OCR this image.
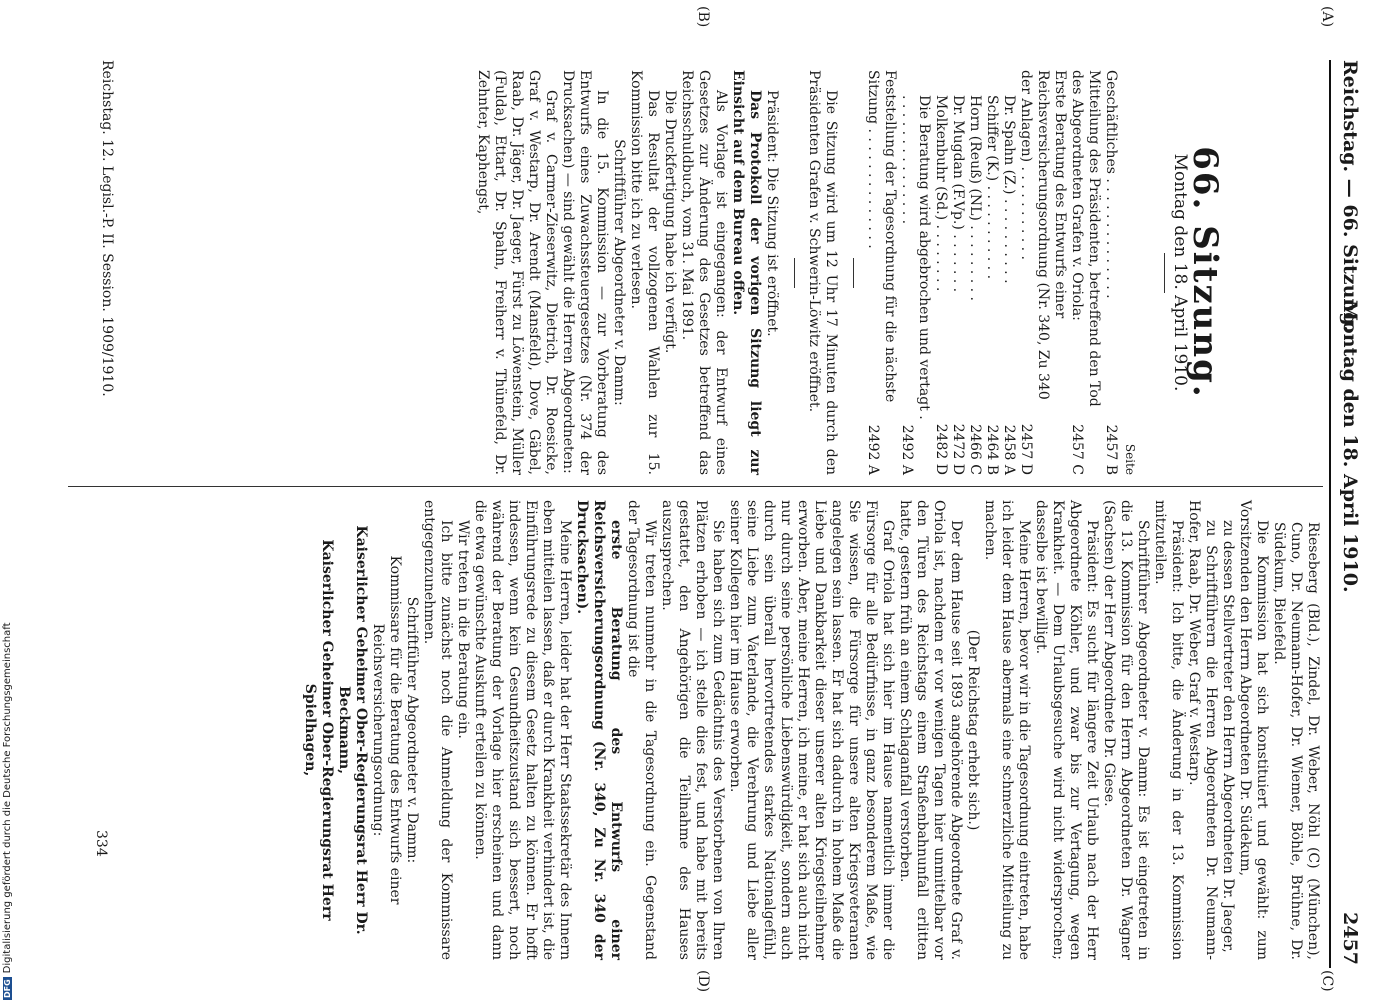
Reichstag. — 66. Sitzung.
Montag den 18. April 1910.
2457
(A)
(B)
(C)
(D)
66. Sitzung.
Montag den 18. April 1910.
Seite
Geschäftliches . . . . . . . . . . . . . .
2457 B
Mitteilung des Präsidenten, betreffend den Tod des Abgeordneten Grafen v. Oriola:
2457 C
Erste Beratung des Entwurfs einer Reichsversicherungsordnung (Nr. 340, Zu 340 der Anlagen) . . . . . . . . . . .
2457 D
Dr. Spahn (Z.) . . . . . . . . . .
2458 A
Schiffer (K.) . . . . . . . . . . .
2464 B
Horn (Reuß) (NL) . . . . . . . . .
2466 C
Dr. Mugdan (F.Vp.) . . . . . . .
2472 D
Molkenbuhr (Sd.) . . . . . . . .
2482 D
Die Beratung wird abgebrochen und vertagt . . . . . . . . . . . . . . . .
2492 A
Feststellung der Tagesordnung für die nächste Sitzung . . . . . . . . . . . . . .
2492 A

Die Sitzung wird um 12 Uhr 17 Minuten durch den Präsidenten Grafen v. Schwerin-Löwitz eröffnet.

Präsident: Die Sitzung ist eröffnet.

Das Protokoll der vorigen Sitzung liegt zur Einsicht auf dem Bureau offen.

Als Vorlage ist eingegangen: der Entwurf eines Gesetzes zur Änderung des Gesetzes betreffend das Reichsschuldbuch, vom 31. Mai 1891.

Die Druckfertigung habe ich verfügt.

Das Resultat der vollzogenen Wahlen zur 15. Kommission bitte ich zu verlesen.

Schriftführer Abgeordneter v. Damm:

In die 15. Kommission — zur Vorberatung des Entwurfs eines Zuwachssteuergesetzes (Nr. 374 der Drucksachen) — sind gewählt die Herren Abgeordneten:

Graf v. Carmer-Zieserwitz, Dietrich, Dr. Roesicke, Graf v. Westarp, Dr. Arendt (Mansfeld), Dove, Gäbel, Raab, Dr. Jäger, Dr. Jaeger, Fürst zu Löwenstein, Müller (Fulda), Ettart, Dr. Spahn, Freiherr v. Thünefeld, Dr. Zehnter, Kaphengst,

Rieseberg (Bld.), Zindel, Dr. Weber, Nöhl (C) (München), Cuno, Dr. Neumann-Hofer, Dr. Wiemer, Böhle, Brühne, Dr. Südekum, Bielefeld.

Die Kommission hat sich konstituiert und gewählt: zum Vorsitzenden den Herrn Abgeordneten Dr. Südekum,

zu dessen Stellvertreter den Herrn Abgeordneten Dr. Jaeger,

zu Schriftführern die Herren Abgeordneten Dr. Neumann-Hofer, Raab, Dr. Weber, Graf v. Westarp.

Präsident: Ich bitte, die Änderung in der 13. Kommission mitzuteilen.

Schriftführer Abgeordneter v. Damm: Es ist eingetreten in die 13. Kommission für den Herrn Abgeordneten Dr. Wagner (Sachsen) der Herr Abgeordnete Dr. Giese.

Präsident: Es sucht für längere Zeit Urlaub nach der Herr Abgeordnete Köhler, und zwar bis zur Vertagung, wegen Krankheit. — Dem Urlaubsgesuche wird nicht widersprochen; dasselbe ist bewilligt.

Meine Herren, bevor wir in die Tagesordnung eintreten, habe ich leider dem Hause abermals eine schmerzliche Mitteilung zu machen.

(Der Reichstag erhebt sich.)

Der dem Hause seit 1893 angehörende Abgeordnete Graf v. Oriola ist, nachdem er vor wenigen Tagen hier unmittelbar vor den Türen des Reichstags einem Straßenbahnunfall erlitten hatte, gestern früh an einem Schlaganfall verstorben.

Graf Oriola hat sich hier im Hause namentlich immer die Fürsorge für alle Bedürfnisse, in ganz besonderem Maße, wie Sie wissen, die Fürsorge für unsere alten Kriegsveteranen angelegen sein lassen. Er hat sich dadurch in hohem Maße die Liebe und Dankbarkeit dieser unserer alten Kriegsteilnehmer erworben. Aber, meine Herren, ich meine, er hat sich auch nicht nur durch seine persönliche Liebenswürdigkeit, sondern auch durch sein überall hervortretendes starkes Nationalgefühl, seine Liebe zum Vaterlande, die Verehrung und Liebe aller seiner Kollegen hier im Hause erworben.

Sie haben sich zum Gedächtnis des Verstorbenen von Ihren Plätzen erhoben — ich stelle dies fest, und habe mit bereits gestattet, den Angehörigen die Teilnahme des Hauses auszusprechen.

Wir treten nunmehr in die Tagesordnung ein. Gegenstand der Tagesordnung ist die

erste Beratung des Entwurfs einer Reichsversicherungsordnung (Nr. 340, Zu Nr. 340 der Drucksachen).

Meine Herren, leider hat der Herr Staatssekretär des Innern eben mitteilen lassen, daß er durch Krankheit verhindert ist, die Einführungsrede zu diesem Gesetz halten zu können. Er hofft indessen, wenn kein Gesundheitszustand sich bessert, noch während der Beratung der Vorlage hier erscheinen und dann die etwa gewünschte Auskunft erteilen zu können.

Wir treten in die Beratung ein.

Ich bitte zunächst noch die Anmeldung der Kommissare entgegenzunehmen.

Schriftführer Abgeordneter v. Damm:

Kommissare für die Beratung des Entwurfs einer Reichsversicherungsordnung:

Kaiserlicher Geheimer Ober-Regierungsrat Herr Dr. Beckmann,

Kaiserlicher Geheimer Ober-Regierungsrat Herr Spielhagen,

Reichstag. 12. Legisl.-P. II. Session. 1909/1910.
334
DFGDigitalisierung gefördert durch die Deutsche Forschungsgemeinschaft
